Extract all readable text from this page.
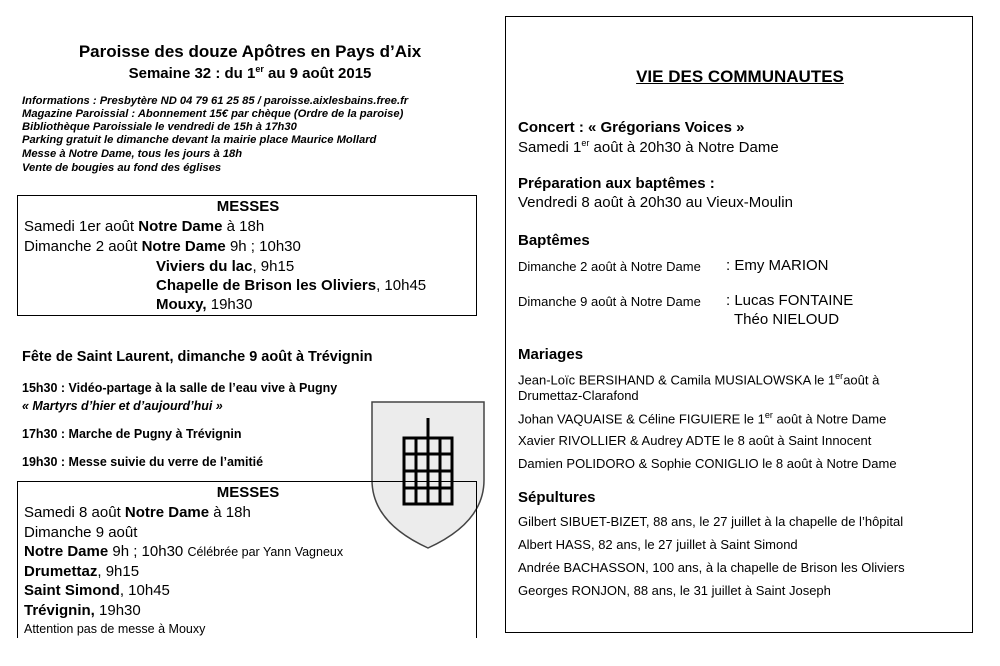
Paroisse des douze Apôtres en Pays d’Aix
Semaine 32 : du 1er au 9 août 2015
Informations : Presbytère ND 04 79 61 25 85 / paroisse.aixlesbains.free.fr
Magazine Paroissial : Abonnement 15€ par chèque (Ordre de la paroise)
Bibliothèque Paroissiale le vendredi de 15h à 17h30
Parking gratuit le dimanche devant la mairie place Maurice Mollard
Messe à Notre Dame, tous les jours à 18h
Vente de bougies au fond des églises
MESSES
Samedi 1er août Notre Dame à 18h
Dimanche 2 août Notre Dame 9h ; 10h30
Viviers du lac, 9h15
Chapelle de Brison les Oliviers, 10h45
Mouxy, 19h30
Fête de Saint Laurent, dimanche 9 août à Trévignin
15h30 : Vidéo-partage à la salle de l’eau vive à Pugny
« Martyrs d’hier et d’aujourd’hui »
17h30 : Marche de Pugny à Trévignin
19h30 : Messe suivie du verre de l’amitié
MESSES
Samedi 8 août Notre Dame à 18h
Dimanche 9 août
Notre Dame 9h ; 10h30 Célébrée par Yann Vagneux
Drumettaz, 9h15
Saint Simond, 10h45
Trévignin, 19h30
Attention pas de messe à Mouxy
VIE DES COMMUNAUTES
Concert : « Grégorians Voices »
Samedi 1er août à 20h30 à Notre Dame
Préparation aux baptêmes :
Vendredi 8 août à 20h30 au Vieux-Moulin
Baptêmes
Dimanche 2 août à Notre Dame : Emy MARION
Dimanche 9 août à Notre Dame : Lucas FONTAINE
Théo NIELOUD
Mariages
Jean-Loïc BERSIHAND & Camila MUSIALOWSKA le 1eraoût à
Drumettaz-Clarafond
Johan VAQUAISE & Céline FIGUIERE le 1er août à Notre Dame
Xavier RIVOLLIER & Audrey ADTE le 8 août à Saint Innocent
Damien POLIDORO & Sophie CONIGLIO le 8 août à Notre Dame
Sépultures
Gilbert SIBUET-BIZET, 88 ans, le 27 juillet à la chapelle de l’hôpital
Albert HASS, 82 ans, le 27 juillet à Saint Simond
Andrée BACHASSON, 100 ans, à la chapelle de Brison les Oliviers
Georges RONJON, 88 ans, le 31 juillet à Saint Joseph
